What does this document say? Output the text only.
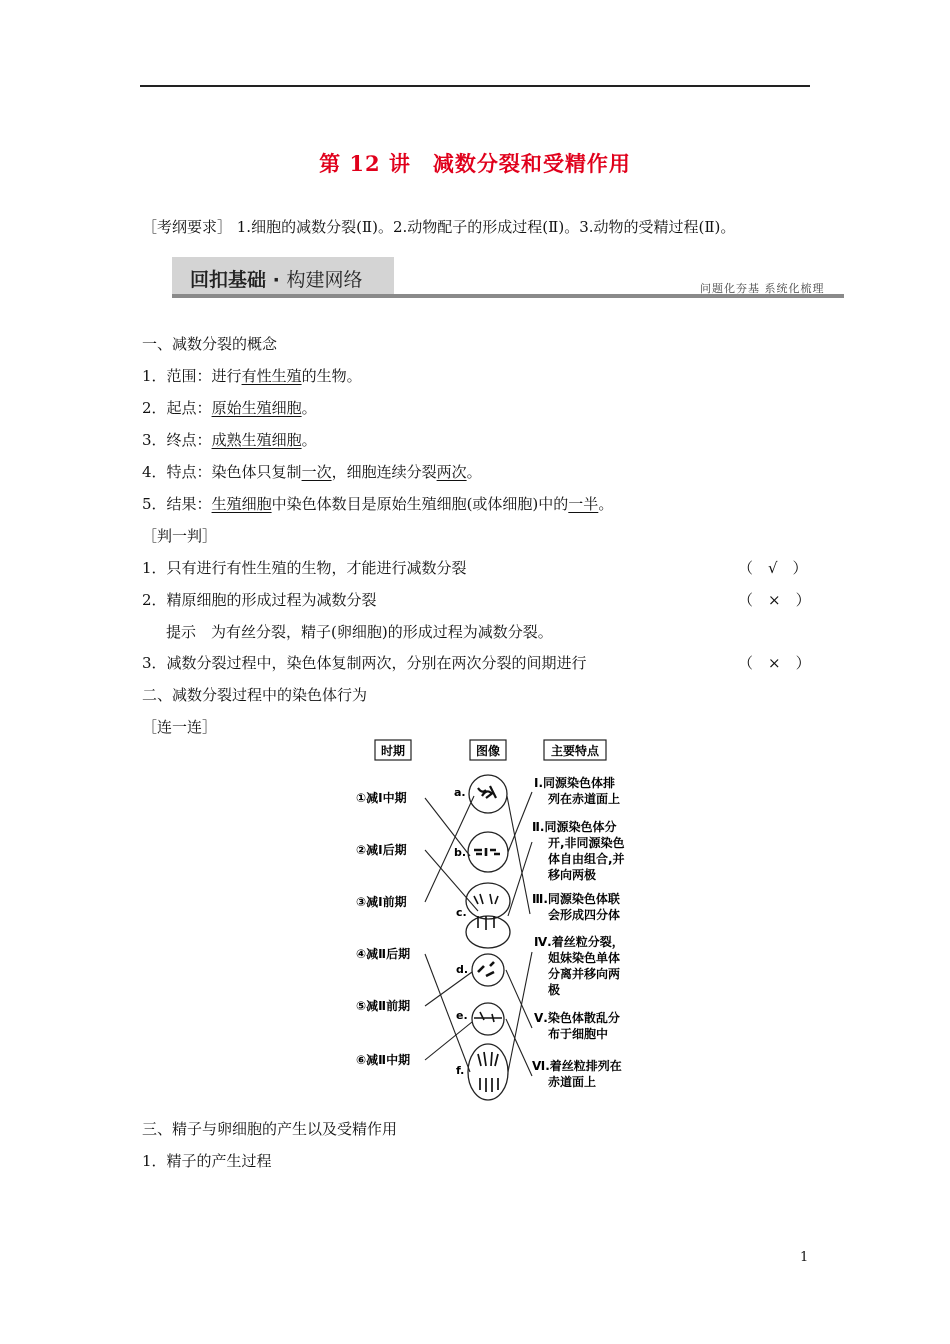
第 12 讲 减数分裂和受精作用
［考纲要求］ 1.细胞的减数分裂(Ⅱ)。2.动物配子的形成过程(Ⅱ)。3.动物的受精过程(Ⅱ)。
回扣基础 · 构建网络	问题化夯基 系统化梳理
一、减数分裂的概念
1．范围：进行有性生殖的生物。
2．起点：原始生殖细胞。
3．终点：成熟生殖细胞。
4．特点：染色体只复制一次，细胞连续分裂两次。
5．结果：生殖细胞中染色体数目是原始生殖细胞(或体细胞)中的一半。
［判一判］
1．只有进行有性生殖的生物，才能进行减数分裂	（　√　）
2．精原细胞的形成过程为减数分裂	（　×　）
提示　为有丝分裂，精子(卵细胞)的形成过程为减数分裂。
3．减数分裂过程中，染色体复制两次，分别在两次分裂的间期进行	（　×　）
二、减数分裂过程中的染色体行为
［连一连］
时期	图像	主要特点
①减Ⅰ中期
②减Ⅰ后期
③减Ⅰ前期
④减Ⅱ后期
⑤减Ⅱ前期
⑥减Ⅱ中期
a.
b.
c.
d.
e.
f.
Ⅰ.同源染色体排
列在赤道面上
Ⅱ.同源染色体分
开,非同源染色
体自由组合,并
移向两极
Ⅲ.同源染色体联
会形成四分体
Ⅳ.着丝粒分裂，
姐妹染色单体
分离并移向两
极
Ⅴ.染色体散乱分
布于细胞中
Ⅵ.着丝粒排列在
赤道面上
三、精子与卵细胞的产生以及受精作用
1．精子的产生过程
1
